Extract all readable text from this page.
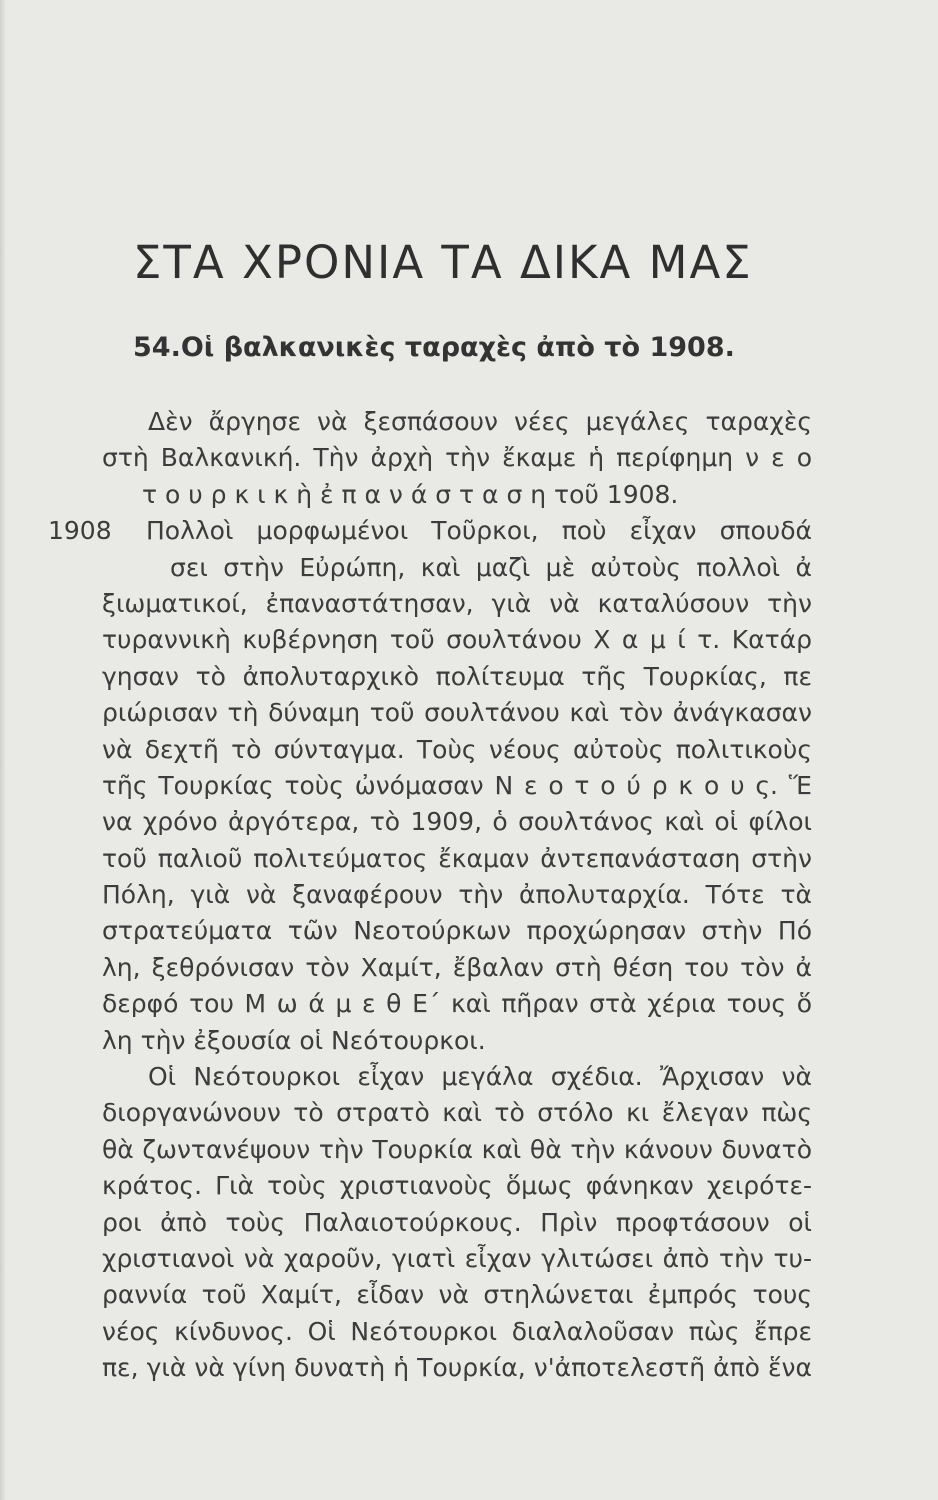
ΣΤΑ ΧΡΟΝΙΑ ΤΑ ΔΙΚΑ ΜΑΣ
54.Οἱ βαλκανικὲς ταραχὲς ἀπὸ τὸ 1908.
Δὲν ἄργησε νὰ ξεσπάσουν νέες μεγάλες ταραχὲς
στὴ Βαλκανική. Τὴν ἀρχὴ τὴν ἔκαμε ἡ περίφημη ν ε ο
τ ο υ ρ κ ι κ ὴ ἐ π α ν ά σ τ α σ η τοῦ 1908.
1908 Πολλοὶ μορφωμένοι Τοῦρκοι, ποὺ εἶχαν σπουδά
σει στὴν Εὐρώπη, καὶ μαζὶ μὲ αὐτοὺς πολλοὶ ἀ
ξιωματικοί, ἐπαναστάτησαν, γιὰ νὰ καταλύσουν τὴν
τυραννικὴ κυβέρνηση τοῦ σουλτάνου Χ α μ ί τ. Κατάρ
γησαν τὸ ἀπολυταρχικὸ πολίτευμα τῆς Τουρκίας, πε
ριώρισαν τὴ δύναμη τοῦ σουλτάνου καὶ τὸν ἀνάγκασαν
νὰ δεχτῆ τὸ σύνταγμα. Τοὺς νέους αὐτοὺς πολιτικοὺς
τῆς Τουρκίας τοὺς ὠνόμασαν Ν ε ο τ ο ύ ρ κ ο υ ς. Ἕ
να χρόνο ἀργότερα, τὸ 1909, ὁ σουλτάνος καὶ οἱ φίλοι
τοῦ παλιοῦ πολιτεύματος ἔκαμαν ἀντεπανάσταση στὴν
Πόλη, γιὰ νὰ ξαναφέρουν τὴν ἀπολυταρχία. Τότε τὰ
στρατεύματα τῶν Νεοτούρκων προχώρησαν στὴν Πό
λη, ξεθρόνισαν τὸν Χαμίτ, ἔβαλαν στὴ θέση του τὸν ἀ
δερφό του Μ ω ά μ ε θ Ε΄ καὶ πῆραν στὰ χέρια τους ὅ
λη τὴν ἐξουσία οἱ Νεότουρκοι.
Οἱ Νεότουρκοι εἶχαν μεγάλα σχέδια. Ἄρχισαν νὰ
διοργανώνουν τὸ στρατὸ καὶ τὸ στόλο κι ἔλεγαν πὼς
θὰ ζωντανέψουν τὴν Τουρκία καὶ θὰ τὴν κάνουν δυνατὸ
κράτος. Γιὰ τοὺς χριστιανοὺς ὅμως φάνηκαν χειρότε-
ροι ἀπὸ τοὺς Παλαιοτούρκους. Πρὶν προφτάσουν οἱ
χριστιανοὶ νὰ χαροῦν, γιατὶ εἶχαν γλιτώσει ἀπὸ τὴν τυ-
ραννία τοῦ Χαμίτ, εἶδαν νὰ στηλώνεται ἐμπρός τους
νέος κίνδυνος. Οἱ Νεότουρκοι διαλαλοῦσαν πὼς ἔπρε
πε, γιὰ νὰ γίνη δυνατὴ ἡ Τουρκία, ν'ἀποτελεστῆ ἀπὸ ἕνα
